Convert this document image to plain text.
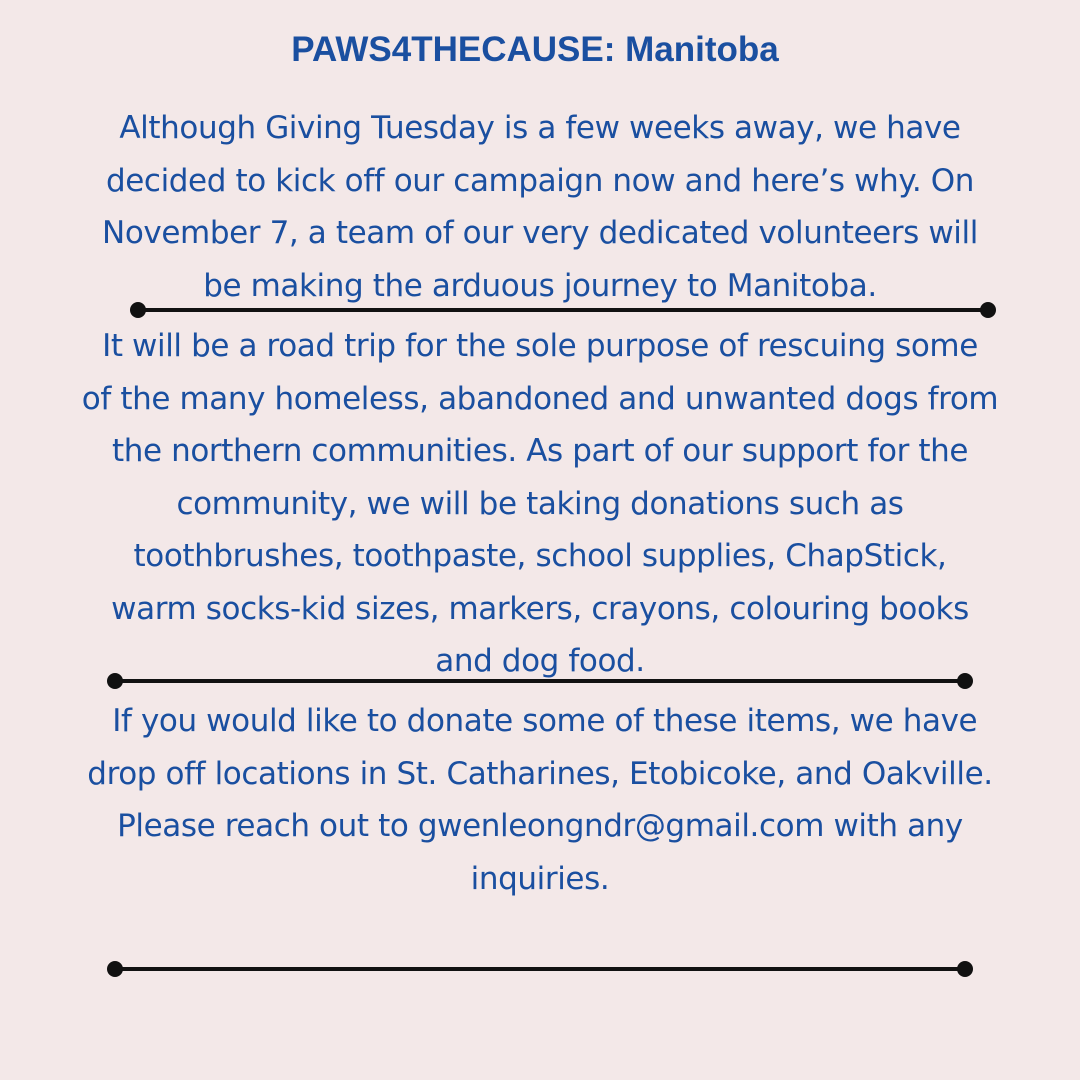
PAWS4THECAUSE: Manitoba
Although Giving Tuesday is a few weeks away, we have
decided to kick off our campaign now and here’s why. On
November 7, a team of our very dedicated volunteers will
be making the arduous journey to Manitoba.
It will be a road trip for the sole purpose of rescuing some
of the many homeless, abandoned and unwanted dogs from
the northern communities. As part of our support for the
community, we will be taking donations such as
toothbrushes, toothpaste, school supplies, ChapStick,
warm socks-kid sizes, markers, crayons, colouring books
and dog food.
If you would like to donate some of these items, we have
drop off locations in St. Catharines, Etobicoke, and Oakville.
Please reach out to gwenleongndr@gmail.com with any
inquiries.
